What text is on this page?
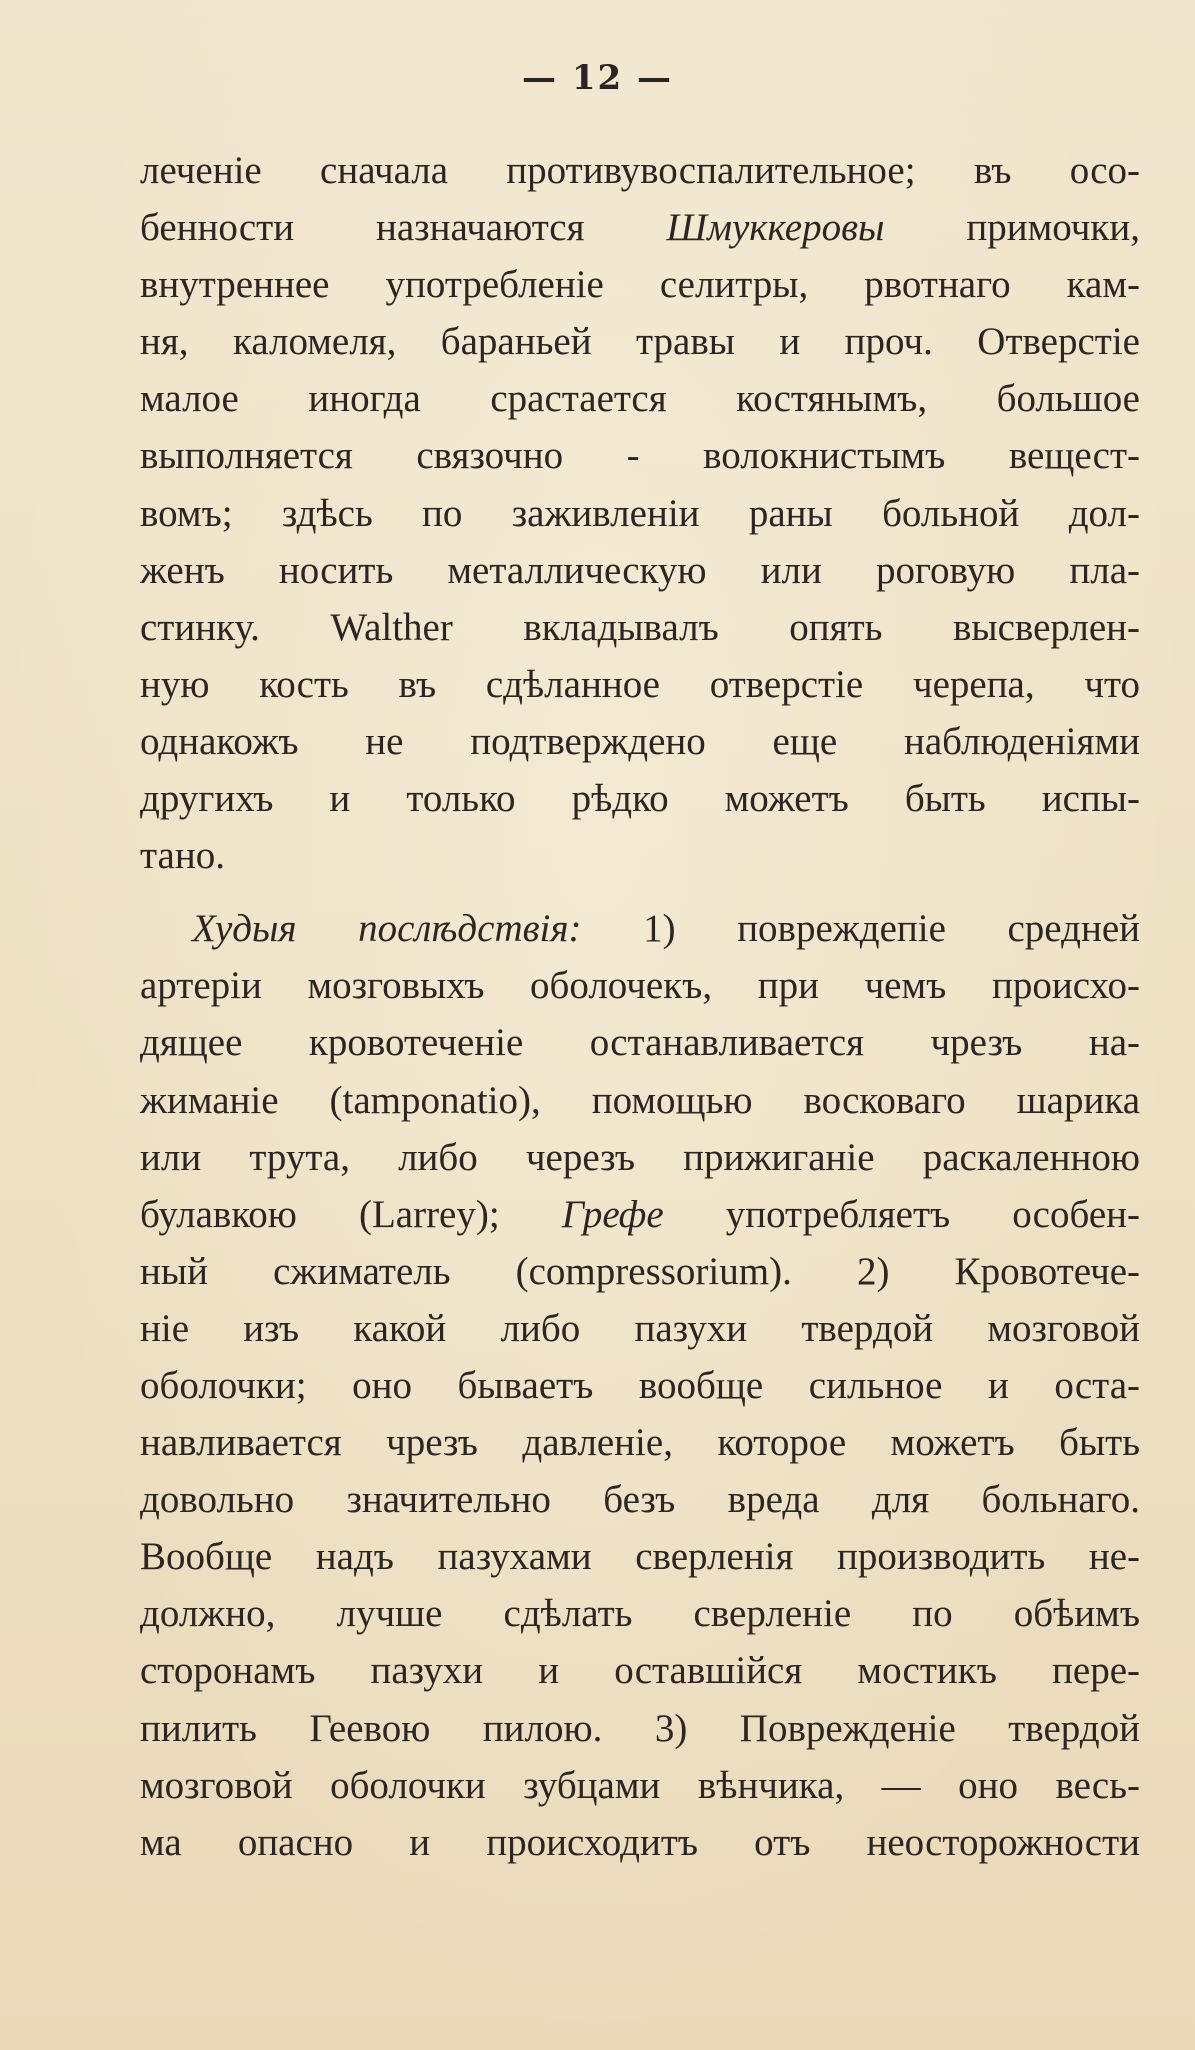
— 12 —
леченіе сначала противувоспалительное; въ осо-
бенности назначаются Шмуккеровы примочки,
внутреннее употребленіе селитры, рвотнаго кам-
ня, каломеля, бараньей травы и проч. Отверстіе
малое иногда срастается костянымъ, большое
выполняется связочно - волокнистымъ вещест-
вомъ; здѣсь по заживленіи раны больной дол-
женъ носить металлическую или роговую пла-
стинку. Walther вкладывалъ опять высверлен-
ную кость въ сдѣланное отверстіе черепа, что
однакожъ не подтверждено еще наблюденіями
другихъ и только рѣдко можетъ быть испы-
тано.
Худыя послѣдствія: 1) повреждепіе средней
артеріи мозговыхъ оболочекъ, при чемъ происхо-
дящее кровотеченіе останавливается чрезъ на-
жиманіе (tamponatio), помощью восковаго шарика
или трута, либо черезъ прижиганіе раскаленною
булавкою (Larrey); Грефе употребляетъ особен-
ный сжиматель (compressorium). 2) Кровотече-
ніе изъ какой либо пазухи твердой мозговой
оболочки; оно бываетъ вообще сильное и оста-
навливается чрезъ давленіе, которое можетъ быть
довольно значительно безъ вреда для больнаго.
Вообще надъ пазухами сверленія производить не-
должно, лучше сдѣлать сверленіе по обѣимъ
сторонамъ пазухи и оставшійся мостикъ пере-
пилить Геевою пилою. 3) Поврежденіе твердой
мозговой оболочки зубцами вѣнчика, — оно весь-
ма опасно и происходитъ отъ неосторожности
